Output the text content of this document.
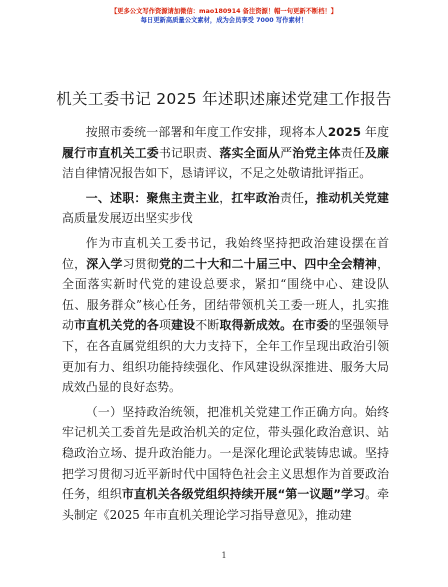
【更多公文写作资源请加微信：mao180914 备注资源！帽一句更新不断档！】
每日更新高质量公文素材，成为会员享受 7000 写作素材！
机关工委书记 2025 年述职述廉述党建工作报告

按照市委统一部署和年度工作安排，现将本人2025 年度履行市直机关工委书记职责、落实全面从严治党主体责任及廉洁自律情况报告如下，恳请评议，不足之处敬请批评指正。

一、述职：聚焦主责主业，扛牢政治责任，推动机关党建高质量发展迈出坚实步伐

作为市直机关工委书记，我始终坚持把政治建设摆在首位，深入学习贯彻党的二十大和二十届三中、四中全会精神，全面落实新时代党的建设总要求，紧扣“围绕中心、建设队伍、服务群众”核心任务，团结带领机关工委一班人，扎实推动市直机关党的各项建设不断取得新成效。在市委的坚强领导下，在各直属党组织的大力支持下，全年工作呈现出政治引领更加有力、组织功能持续强化、作风建设纵深推进、服务大局成效凸显的良好态势。

（一）坚持政治统领，把准机关党建工作正确方向。始终牢记机关工委首先是政治机关的定位，带头强化政治意识、站稳政治立场、提升政治能力。一是深化理论武装铸忠诚。坚持把学习贯彻习近平新时代中国特色社会主义思想作为首要政治任务，组织市直机关各级党组织持续开展“第一议题”学习。牵头制定《2025 年市直机关理论学习指导意见》，推动建

1
